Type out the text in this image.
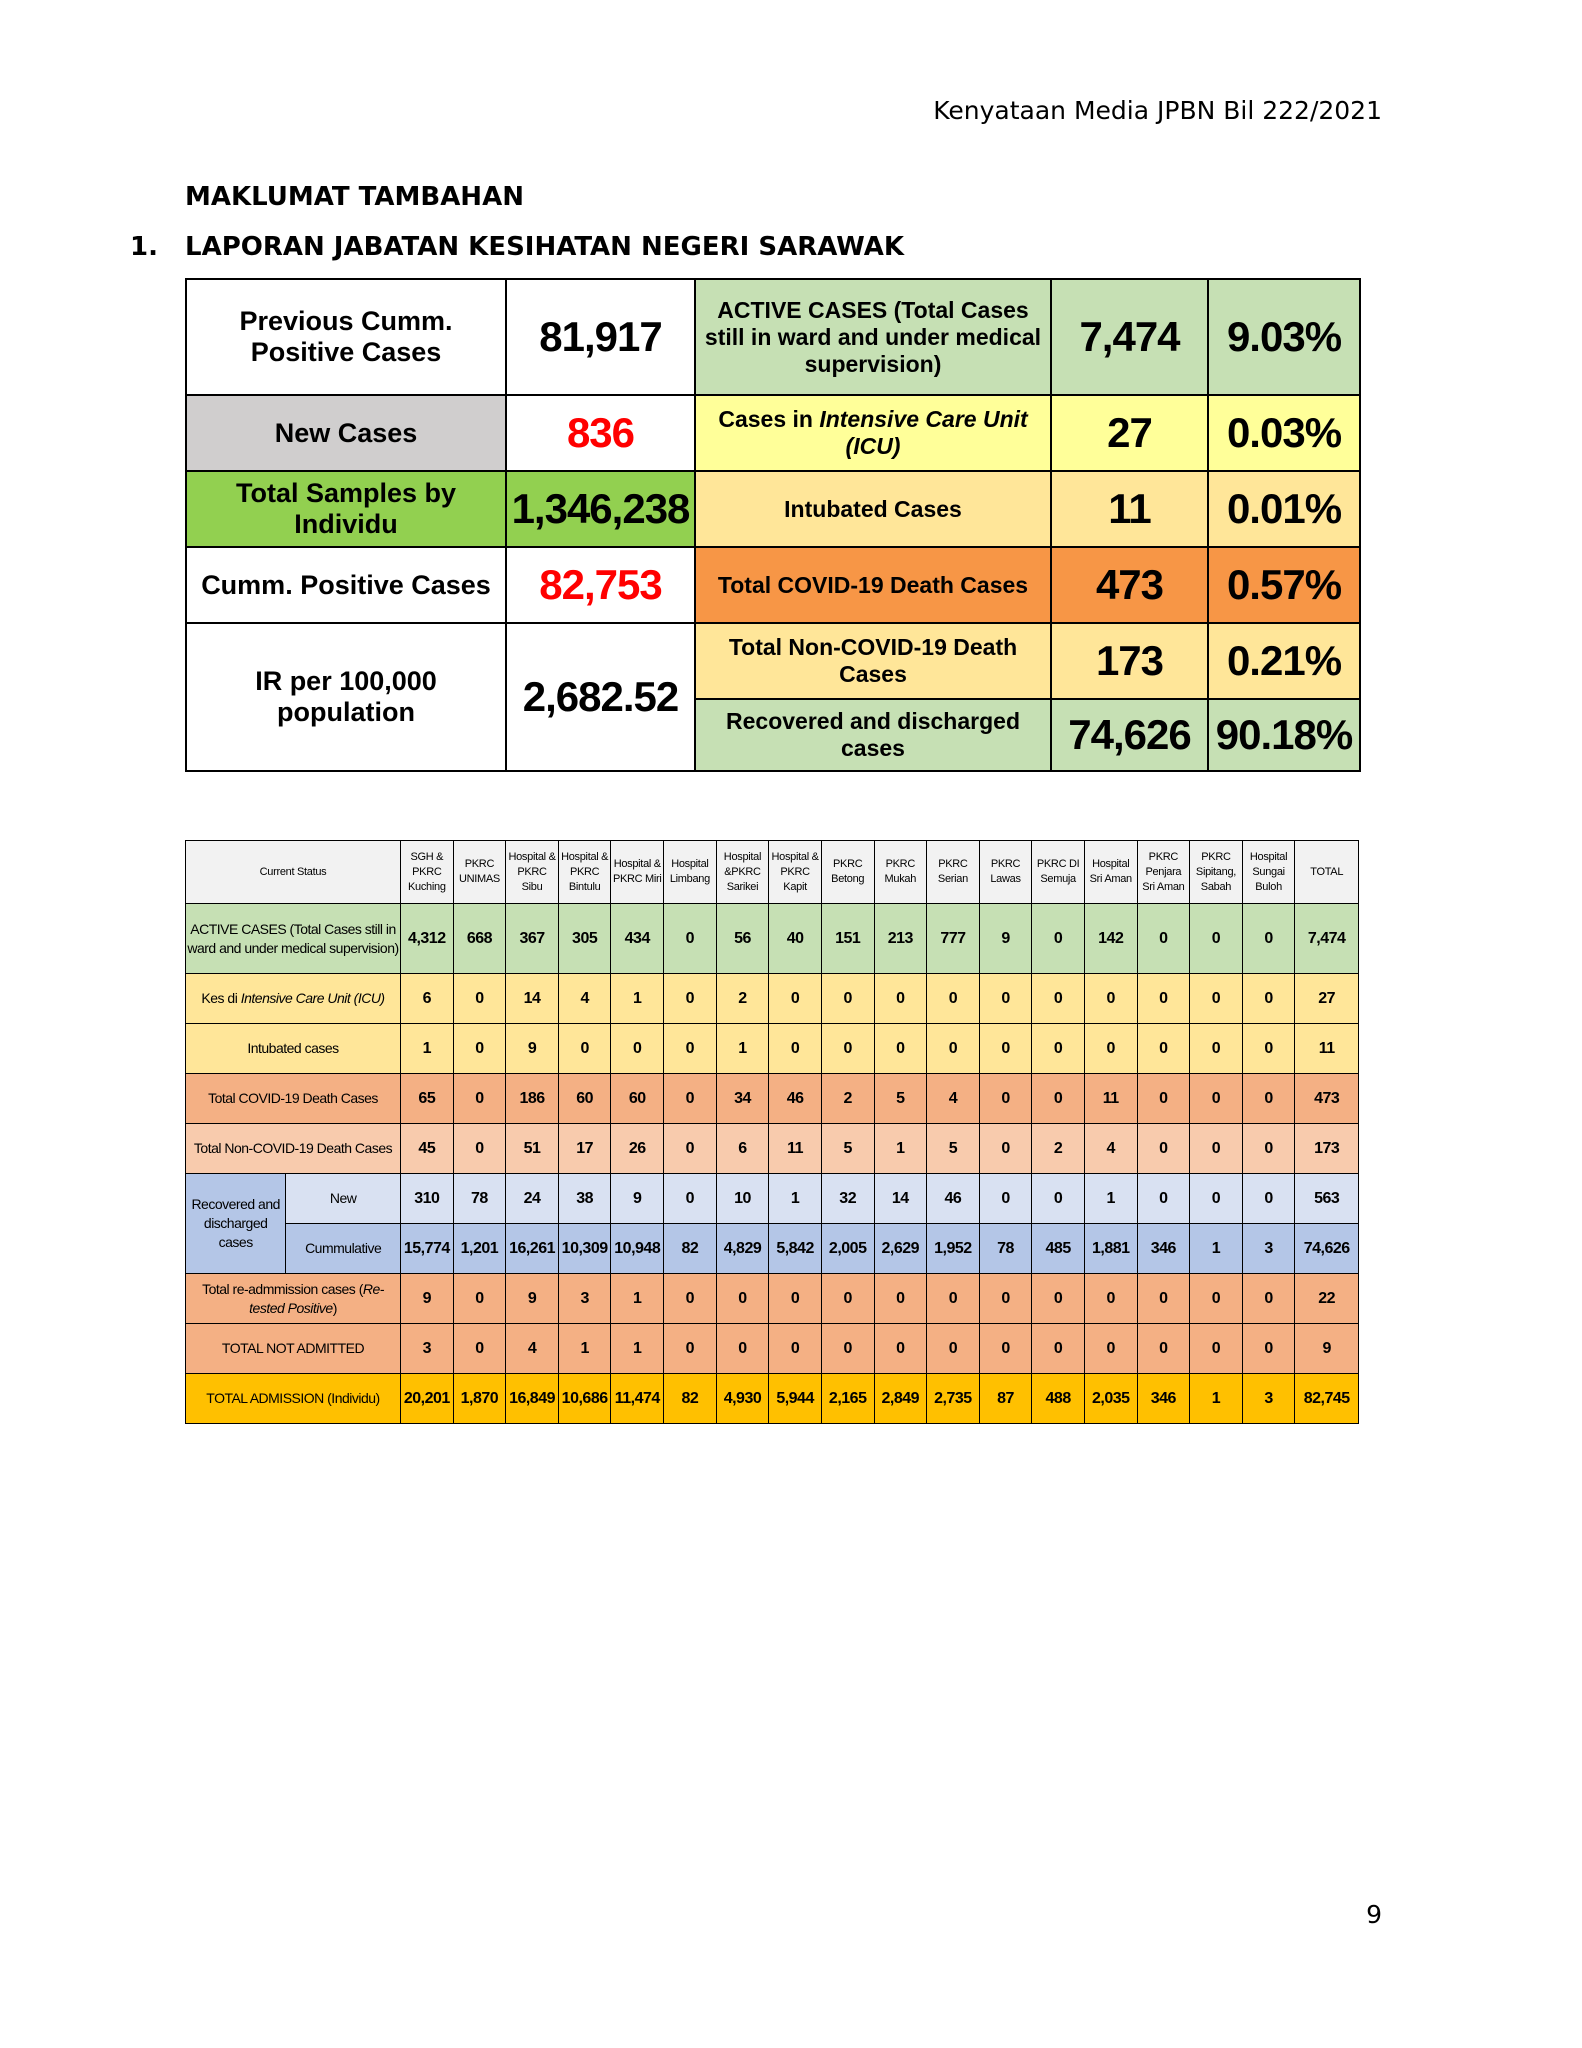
Kenyataan Media JPBN Bil 222/2021
MAKLUMAT TAMBAHAN
1. LAPORAN JABATAN KESIHATAN NEGERI SARAWAK
Previous Cumm. Positive Cases	81,917	ACTIVE CASES (Total Cases still in ward and under medical supervision)	7,474	9.03%
New Cases	836	Cases in Intensive Care Unit (ICU)	27	0.03%
Total Samples by Individu	1,346,238	Intubated Cases	11	0.01%
Cumm. Positive Cases	82,753	Total COVID-19 Death Cases	473	0.57%
IR per 100,000 population	2,682.52	Total Non-COVID-19 Death Cases	173	0.21%
		Recovered and discharged cases	74,626	90.18%
Current Status		SGH & PKRC Kuching	PKRC UNIMAS	Hospital & PKRC Sibu	Hospital & PKRC Bintulu	Hospital & PKRC Miri	Hospital Limbang	Hospital &PKRC Sarikei	Hospital & PKRC Kapit	PKRC Betong	PKRC Mukah	PKRC Serian	PKRC Lawas	PKRC DI Semuja	Hospital Sri Aman	PKRC Penjara Sri Aman	PKRC Sipitang, Sabah	Hospital Sungai Buloh	TOTAL
ACTIVE CASES (Total Cases still in ward and under medical supervision)		4,312	668	367	305	434	0	56	40	151	213	777	9	0	142	0	0	0	7,474
Kes di Intensive Care Unit (ICU)		6	0	14	4	1	0	2	0	0	0	0	0	0	0	0	0	0	27
Intubated cases		1	0	9	0	0	0	1	0	0	0	0	0	0	0	0	0	0	11
Total COVID-19 Death Cases		65	0	186	60	60	0	34	46	2	5	4	0	0	11	0	0	0	473
Total Non-COVID-19 Death Cases		45	0	51	17	26	0	6	11	5	1	5	0	2	4	0	0	0	173
Recovered and discharged cases	New	310	78	24	38	9	0	10	1	32	14	46	0	0	1	0	0	0	563
	Cummulative	15,774	1,201	16,261	10,309	10,948	82	4,829	5,842	2,005	2,629	1,952	78	485	1,881	346	1	3	74,626
Total re-admmission cases (Re-tested Positive)		9	0	9	3	1	0	0	0	0	0	0	0	0	0	0	0	0	22
TOTAL NOT ADMITTED		3	0	4	1	1	0	0	0	0	0	0	0	0	0	0	0	0	9
TOTAL ADMISSION (Individu)		20,201	1,870	16,849	10,686	11,474	82	4,930	5,944	2,165	2,849	2,735	87	488	2,035	346	1	3	82,745
9
